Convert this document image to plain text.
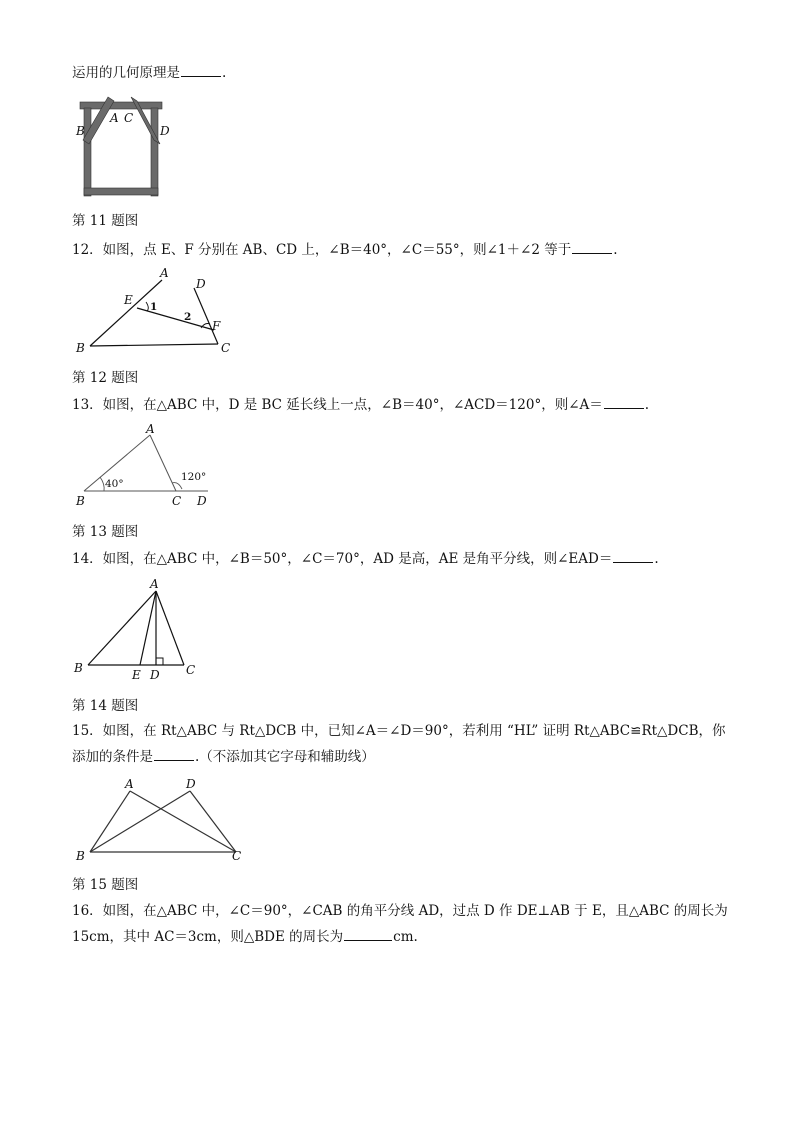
运用的几何原理是	.
B
A C
D
第 11 题图
12．如图，点 E、F 分别在 AB、CD 上，∠B＝40°，∠C＝55°，则∠1＋∠2 等于	.
A
D
E 1
2
F
B	C
第 12 题图
13．如图，在△ABC 中，D 是 BC 延长线上一点，∠B＝40°，∠ACD＝120°，则∠A＝	.
A
40°
120°
B	C D
第 13 题图
14．如图，在△ABC 中，∠B＝50°，∠C＝70°，AD 是高，AE 是角平分线，则∠EAD＝	.
A
B	E D C
第 14 题图
15．如图，在 Rt△ABC 与 Rt△DCB 中，已知∠A＝∠D＝90°，若利用 “HL” 证明 Rt△ABC≌Rt△DCB，你
添加的条件是	.（不添加其它字母和辅助线）
A	D
B	C
第 15 题图
16．如图，在△ABC 中，∠C＝90°，∠CAB 的角平分线 AD，过点 D 作 DE⊥AB 于 E，且△ABC 的周长为
15cm，其中 AC＝3cm，则△BDE 的周长为	cm.
